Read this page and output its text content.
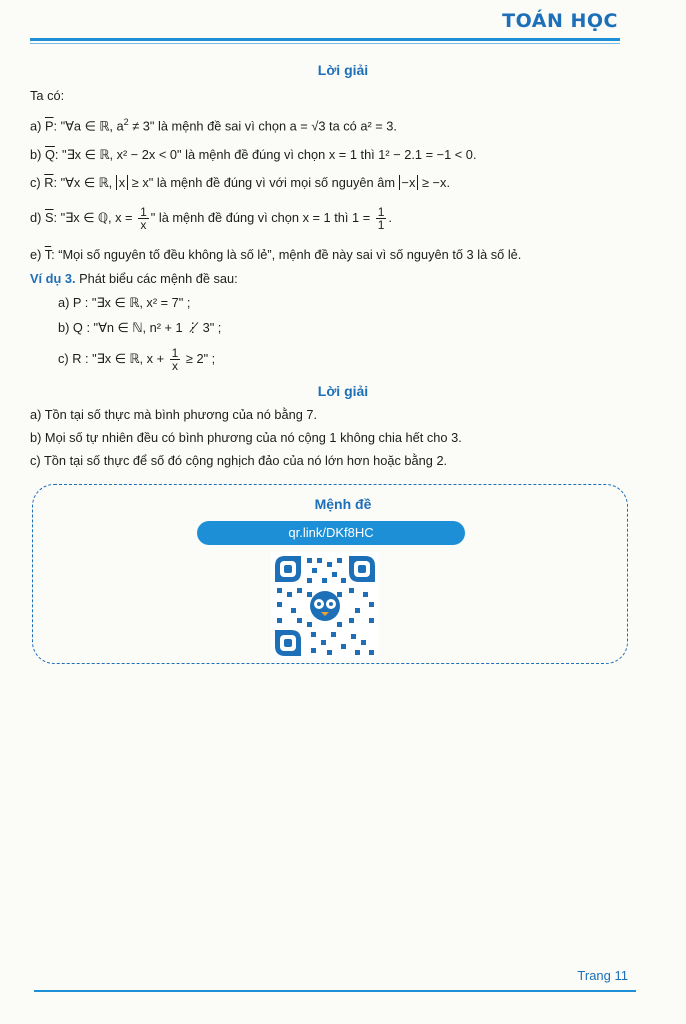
TOÁN HỌC
Lời giải
Ta có:
a) $\overline{P}$: "∀a ∈ ℝ, $a^2 \ne 3$" là mệnh đề sai vì chọn a = √3 ta có a² = 3.
b) $\overline{Q}$: "∃x ∈ ℝ, x² − 2x < 0" là mệnh đề đúng vì chọn x = 1 thì 1² − 2.1 = −1 < 0.
c) $\overline{R}$: "∀x ∈ ℝ, x ≥ x" là mệnh đề đúng vì với mọi số nguyên âm −x ≥ −x.
d) $\overline{S}$: "∃x ∈ ℚ, $x = \frac{1}{x}$ " là mệnh đề đúng vì chọn x = 1 thì $1 = \frac{1}{1}$ .
e) $\overline{T}$: “Mọi số nguyên tố đều không là số lẻ”, mệnh đề này sai vì số nguyên tố 3 là số lẻ.
Ví dụ 3. Phát biểu các mệnh đề sau:
a) P : "∃x ∈ ℝ, x² = 7" ;
b) Q : "∀n ∈ ℕ, n² + 1 ⋮̸ 3" ;
c) R : "∃x ∈ ℝ, $x + \frac{1}{x} \ge 2$" ;
Lời giải
a) Tồn tại số thực mà bình phương của nó bằng 7.
b) Mọi số tự nhiên đều có bình phương của nó cộng 1 không chia hết cho 3.
c) Tồn tại số thực để số đó cộng nghịch đảo của nó lớn hơn hoặc bằng 2.
Mệnh đề
qr.link/DKf8HC
Trang 11
